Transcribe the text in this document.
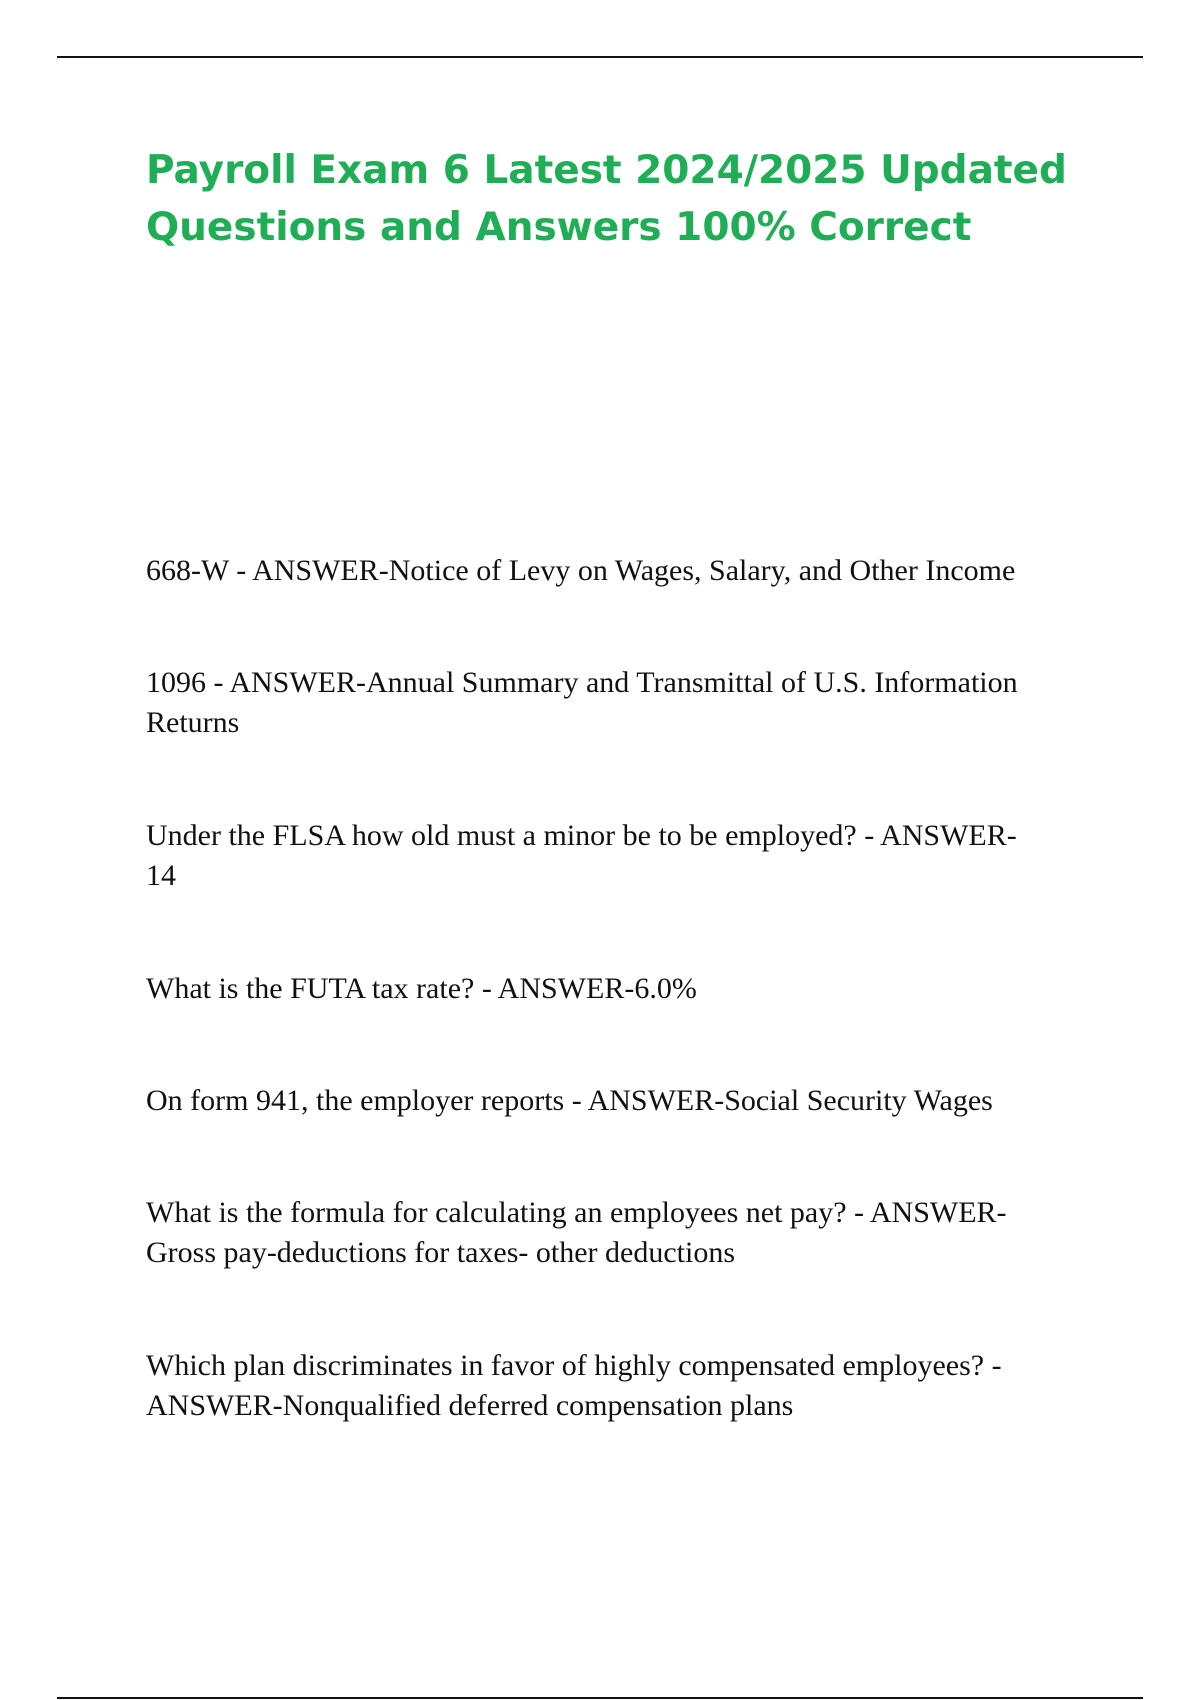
Payroll Exam 6 Latest 2024/2025 Updated
Questions and Answers 100% Correct
668-W - ANSWER-Notice of Levy on Wages, Salary, and Other Income
1096 - ANSWER-Annual Summary and Transmittal of U.S. Information
Returns
Under the FLSA how old must a minor be to be employed? - ANSWER-
14
What is the FUTA tax rate? - ANSWER-6.0%
On form 941, the employer reports - ANSWER-Social Security Wages
What is the formula for calculating an employees net pay? - ANSWER-
Gross pay-deductions for taxes- other deductions
Which plan discriminates in favor of highly compensated employees? -
ANSWER-Nonqualified deferred compensation plans
